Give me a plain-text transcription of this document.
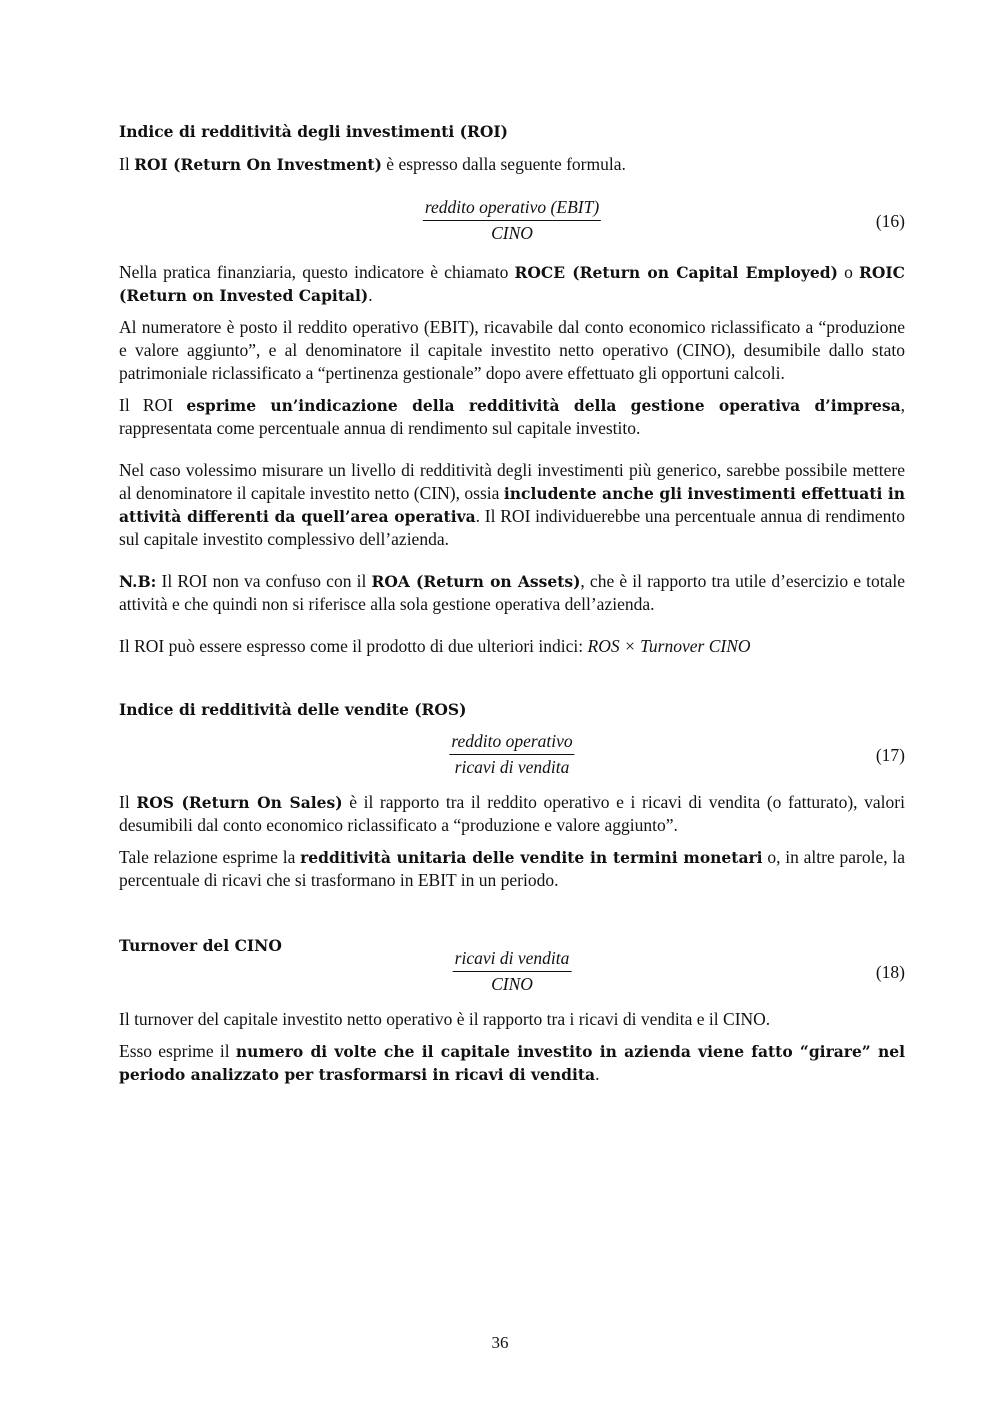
Indice di redditività degli investimenti (ROI)

Il ROI (Return On Investment) è espresso dalla seguente formula.

reddito operativo (EBIT)
CINO
(16)

Nella pratica finanziaria, questo indicatore è chiamato ROCE (Return on Capital Employed) o ROIC (Return on Invested Capital).

Al numeratore è posto il reddito operativo (EBIT), ricavabile dal conto economico riclassificato a “produzione e valore aggiunto”, e al denominatore il capitale investito netto operativo (CINO), desumibile dallo stato patrimoniale riclassificato a “pertinenza gestionale” dopo avere effettuato gli opportuni calcoli.

Il ROI esprime un’indicazione della redditività della gestione operativa d’impresa, rappresentata come percentuale annua di rendimento sul capitale investito.

Nel caso volessimo misurare un livello di redditività degli investimenti più generico, sarebbe possibile mettere al denominatore il capitale investito netto (CIN), ossia includente anche gli investimenti effettuati in attività differenti da quell’area operativa. Il ROI individuerebbe una percentuale annua di rendimento sul capitale investito complessivo dell’azienda.

N.B: Il ROI non va confuso con il ROA (Return on Assets), che è il rapporto tra utile d’esercizio e totale attività e che quindi non si riferisce alla sola gestione operativa dell’azienda.

Il ROI può essere espresso come il prodotto di due ulteriori indici: ROS × Turnover CINO

Indice di redditività delle vendite (ROS)
reddito operativo
ricavi di vendita
(17)

Il ROS (Return On Sales) è il rapporto tra il reddito operativo e i ricavi di vendita (o fatturato), valori desumibili dal conto economico riclassificato a “produzione e valore aggiunto”.

Tale relazione esprime la redditività unitaria delle vendite in termini monetari o, in altre parole, la percentuale di ricavi che si trasformano in EBIT in un periodo.

Turnover del CINO
ricavi di vendita
CINO
(18)

Il turnover del capitale investito netto operativo è il rapporto tra i ricavi di vendita e il CINO.

Esso esprime il numero di volte che il capitale investito in azienda viene fatto “girare” nel periodo analizzato per trasformarsi in ricavi di vendita.

36
